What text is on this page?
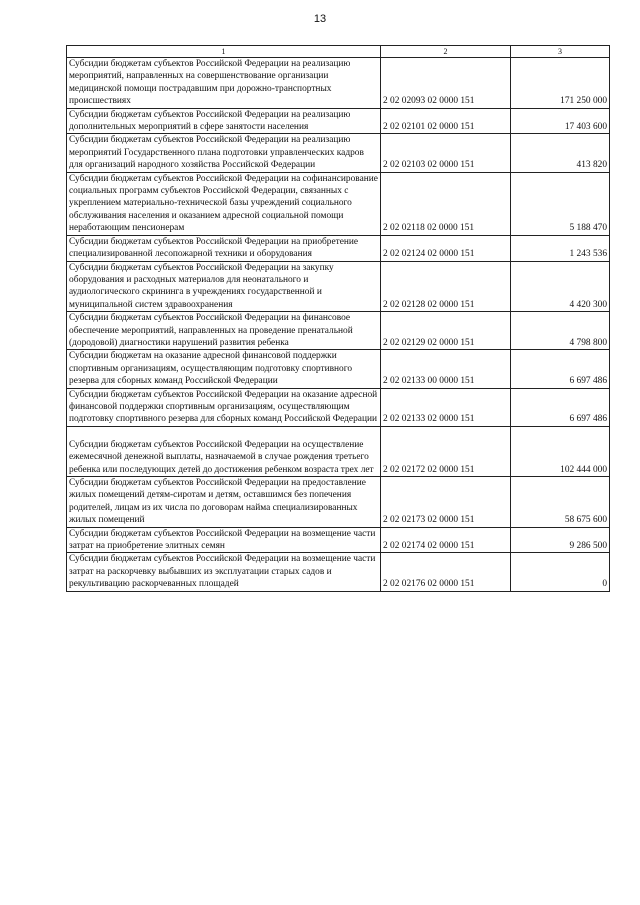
13
1	2	3
Субсидии бюджетам субъектов Российской Федерации на реализацию мероприятий, направленных на совершенствование организации медицинской помощи пострадавшим при дорожно-транспортных происшествиях	2 02 02093 02 0000 151	171 250 000
Субсидии бюджетам субъектов Российской Федерации на реализацию дополнительных мероприятий в сфере занятости населения	2 02 02101 02 0000 151	17 403 600
Субсидии бюджетам субъектов Российской Федерации на реализацию мероприятий Государственного плана подготовки управленческих кадров для организаций народного хозяйства Российской Федерации	2 02 02103 02 0000 151	413 820
Субсидии бюджетам субъектов Российской Федерации на софинансирование социальных программ субъектов Российской Федерации, связанных с укреплением материально-технической базы учреждений социального обслуживания населения и оказанием адресной социальной помощи неработающим пенсионерам	2 02 02118 02 0000 151	5 188 470
Субсидии бюджетам субъектов Российской Федерации на приобретение специализированной лесопожарной техники и оборудования	2 02 02124 02 0000 151	1 243 536
Субсидии бюджетам субъектов Российской Федерации на закупку оборудования и расходных материалов для неонатального и аудиологического скрининга в учреждениях государственной и муниципальной систем здравоохранения	2 02 02128 02 0000 151	4 420 300
Субсидии бюджетам субъектов Российской Федерации на финансовое обеспечение мероприятий, направленных на проведение пренатальной (дородовой) диагностики нарушений развития ребенка	2 02 02129 02 0000 151	4 798 800
Субсидии бюджетам на оказание адресной финансовой поддержки спортивным организациям, осуществляющим подготовку спортивного резерва для сборных команд Российской Федерации	2 02 02133 00 0000 151	6 697 486
Субсидии бюджетам субъектов Российской Федерации на оказание адресной финансовой поддержки спортивным организациям, осуществляющим подготовку спортивного резерва для сборных команд Российской Федерации	2 02 02133 02 0000 151	6 697 486

Субсидии бюджетам субъектов Российской Федерации на осуществление ежемесячной денежной выплаты, назначаемой в случае рождения третьего ребенка или последующих детей до достижения ребенком возраста трех лет	2 02 02172 02 0000 151	102 444 000
Субсидии бюджетам субъектов Российской Федерации на предоставление жилых помещений детям-сиротам и детям, оставшимся без попечения родителей, лицам из их числа по договорам найма специализированных жилых помещений	2 02 02173 02 0000 151	58 675 600
Субсидии бюджетам субъектов Российской Федерации на возмещение части затрат на приобретение элитных семян	2 02 02174 02 0000 151	9 286 500
Субсидии бюджетам субъектов Российской Федерации на возмещение части затрат на раскорчевку выбывших из эксплуатации старых садов и рекультивацию раскорчеванных площадей	2 02 02176 02 0000 151	0
